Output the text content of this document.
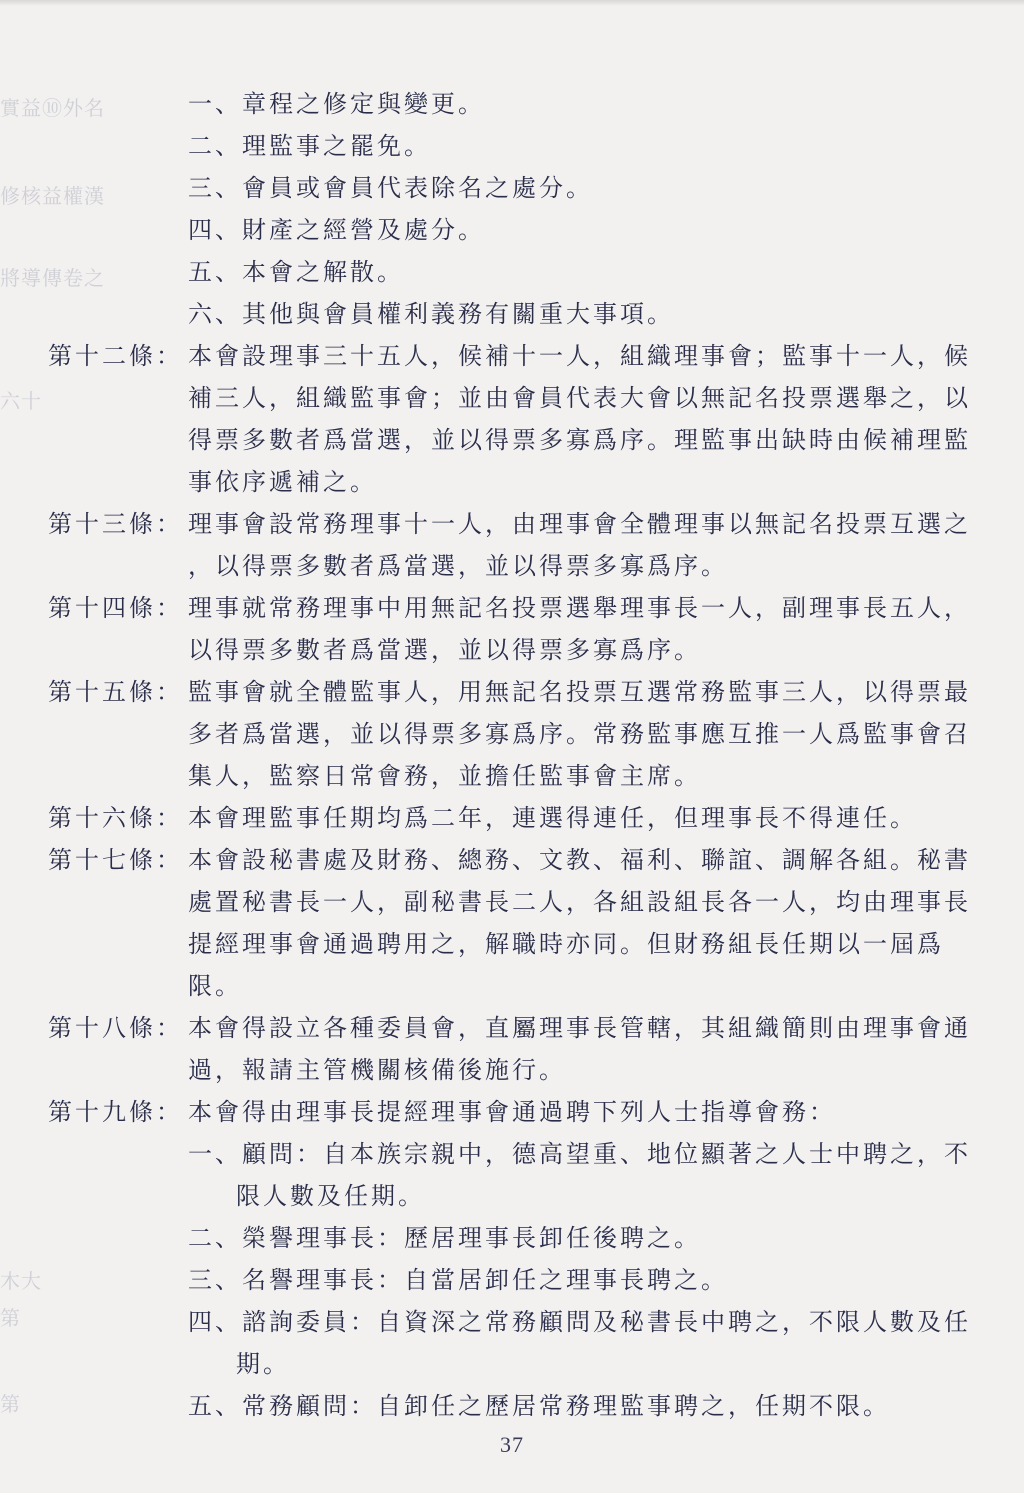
實益⑩外名
修核益權漢
將導傳卷之
六十
木大
第
第
一、章程之修定與變更。
二、理監事之罷免。
三、會員或會員代表除名之處分。
四、財產之經營及處分。
五、本會之解散。
六、其他與會員權利義務有關重大事項。
第十二條： 本會設理事三十五人，候補十一人，組織理事會；監事十一人，候
補三人，組織監事會；並由會員代表大會以無記名投票選舉之，以
得票多數者爲當選，並以得票多寡爲序。理監事出缺時由候補理監
事依序遞補之。
第十三條： 理事會設常務理事十一人，由理事會全體理事以無記名投票互選之
，以得票多數者爲當選，並以得票多寡爲序。
第十四條： 理事就常務理事中用無記名投票選舉理事長一人，副理事長五人，
以得票多數者爲當選，並以得票多寡爲序。
第十五條： 監事會就全體監事人，用無記名投票互選常務監事三人，以得票最
多者爲當選，並以得票多寡爲序。常務監事應互推一人爲監事會召
集人，監察日常會務，並擔任監事會主席。
第十六條： 本會理監事任期均爲二年，連選得連任，但理事長不得連任。
第十七條： 本會設秘書處及財務、總務、文教、福利、聯誼、調解各組。秘書
處置秘書長一人，副秘書長二人，各組設組長各一人，均由理事長
提經理事會通過聘用之，解職時亦同。但財務組長任期以一屆爲
限。
第十八條： 本會得設立各種委員會，直屬理事長管轄，其組織簡則由理事會通
過，報請主管機關核備後施行。
第十九條： 本會得由理事長提經理事會通過聘下列人士指導會務：
一、顧問：自本族宗親中，德高望重、地位顯著之人士中聘之，不
限人數及任期。
二、榮譽理事長：歷居理事長卸任後聘之。
三、名譽理事長：自當居卸任之理事長聘之。
四、諮詢委員：自資深之常務顧問及秘書長中聘之，不限人數及任
期。
五、常務顧問：自卸任之歷居常務理監事聘之，任期不限。
37
